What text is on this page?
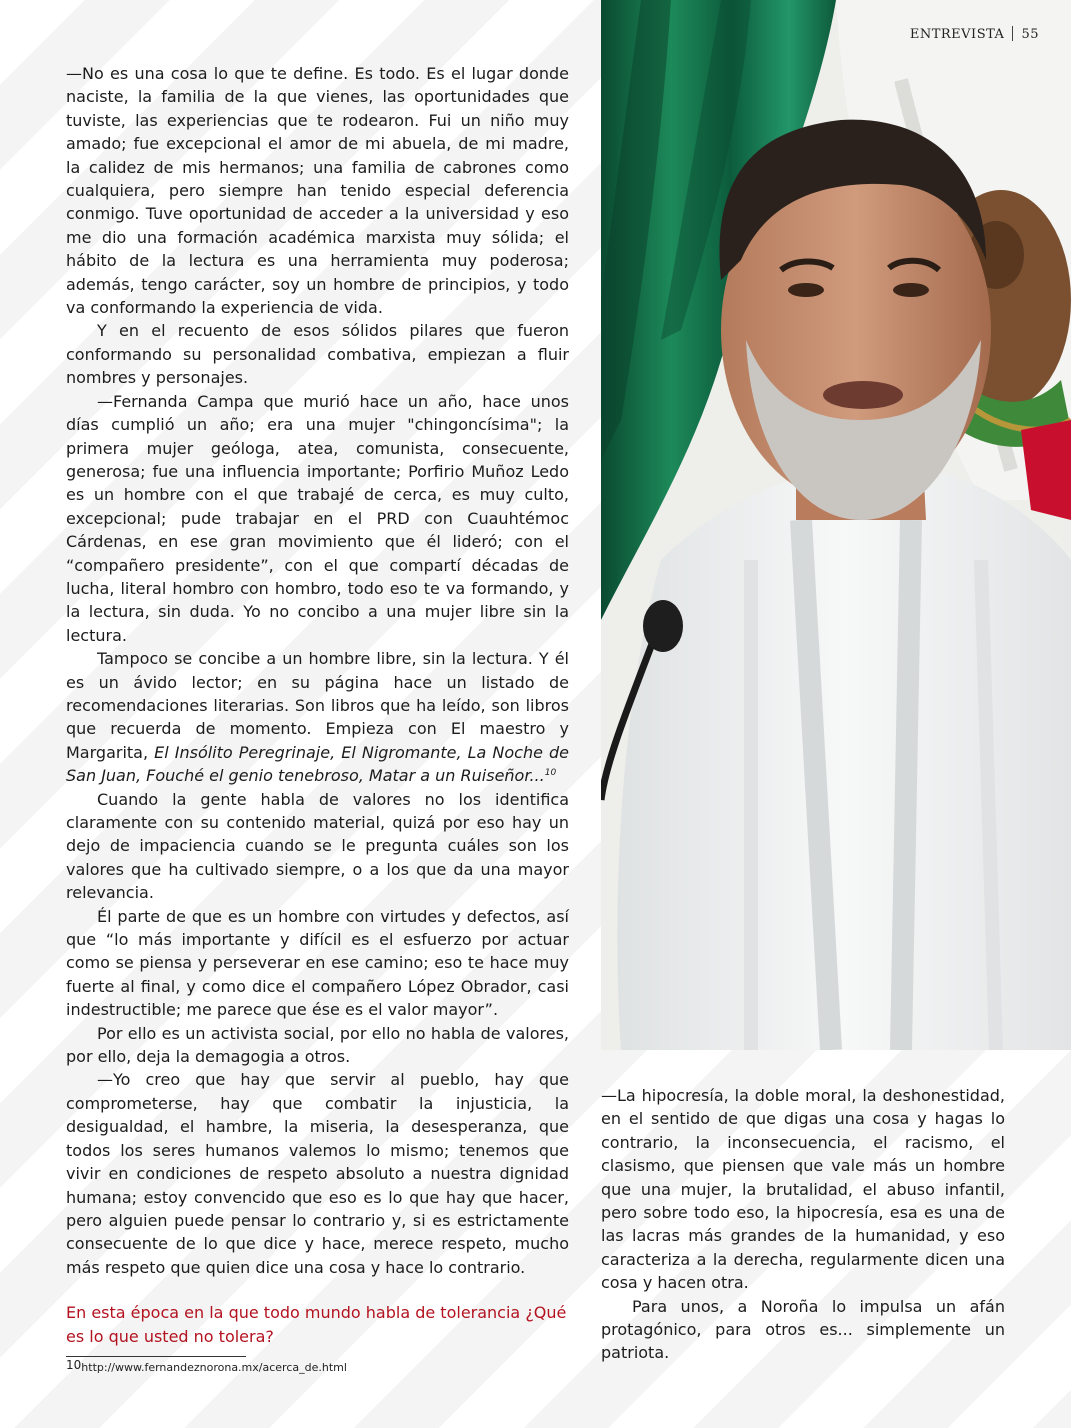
ENTREVISTA 55

—No es una cosa lo que te define. Es todo. Es el lugar donde naciste, la familia de la que vienes, las oportunidades que tuviste, las experiencias que te rodearon. Fui un niño muy amado; fue excepcional el amor de mi abuela, de mi madre, la calidez de mis hermanos; una familia de cabrones como cualquiera, pero siempre han tenido especial deferencia conmigo. Tuve oportunidad de acceder a la universidad y eso me dio una formación académica marxista muy sólida; el hábito de la lectura es una herramienta muy poderosa; además, tengo carácter, soy un hombre de principios, y todo va conformando la experiencia de vida.

Y en el recuento de esos sólidos pilares que fueron conformando su personalidad combativa, empiezan a fluir nombres y personajes.

—Fernanda Campa que murió hace un año, hace unos días cumplió un año; era una mujer "chingoncísima"; la primera mujer geóloga, atea, comunista, consecuente, generosa; fue una influencia importante; Porfirio Muñoz Ledo es un hombre con el que trabajé de cerca, es muy culto, excepcional; pude trabajar en el PRD con Cuauhtémoc Cárdenas, en ese gran movimiento que él lideró; con el “compañero presidente”, con el que compartí décadas de lucha, literal hombro con hombro, todo eso te va formando, y la lectura, sin duda. Yo no concibo a una mujer libre sin la lectura.

Tampoco se concibe a un hombre libre, sin la lectura. Y él es un ávido lector; en su página hace un listado de recomendaciones literarias. Son libros que ha leído, son libros que recuerda de momento. Empieza con El maestro y Margarita, El Insólito Peregrinaje, El Nigromante, La Noche de San Juan, Fouché el genio tenebroso, Matar a un Ruiseñor...$^{10}$

Cuando la gente habla de valores no los identifica claramente con su contenido material, quizá por eso hay un dejo de impaciencia cuando se le pregunta cuáles son los valores que ha cultivado siempre, o a los que da una mayor relevancia.

Él parte de que es un hombre con virtudes y defectos, así que “lo más importante y difícil es el esfuerzo por actuar como se piensa y perseverar en ese camino; eso te hace muy fuerte al final, y como dice el compañero López Obrador, casi indestructible; me parece que ése es el valor mayor”.

Por ello es un activista social, por ello no habla de valores, por ello, deja la demagogia a otros.

—Yo creo que hay que servir al pueblo, hay que comprometerse, hay que combatir la injusticia, la desigualdad, el hambre, la miseria, la desesperanza, que todos los seres humanos valemos lo mismo; tenemos que vivir en condiciones de respeto absoluto a nuestra dignidad humana; estoy convencido que eso es lo que hay que hacer, pero alguien puede pensar lo contrario y, si es estrictamente consecuente de lo que dice y hace, merece respeto, mucho más respeto que quien dice una cosa y hace lo contrario.

En esta época en la que todo mundo habla de tolerancia ¿Qué es lo que usted no tolera?

—La hipocresía, la doble moral, la deshonestidad, en el sentido de que digas una cosa y hagas lo contrario, la inconsecuencia, el racismo, el clasismo, que piensen que vale más un hombre que una mujer, la brutalidad, el abuso infantil, pero sobre todo eso, la hipocresía, esa es una de las lacras más grandes de la humanidad, y eso caracteriza a la derecha, regularmente dicen una cosa y hacen otra.

Para unos, a Noroña lo impulsa un afán protagónico, para otros es... simplemente un patriota.

10http://www.fernandeznorona.mx/acerca_de.html
